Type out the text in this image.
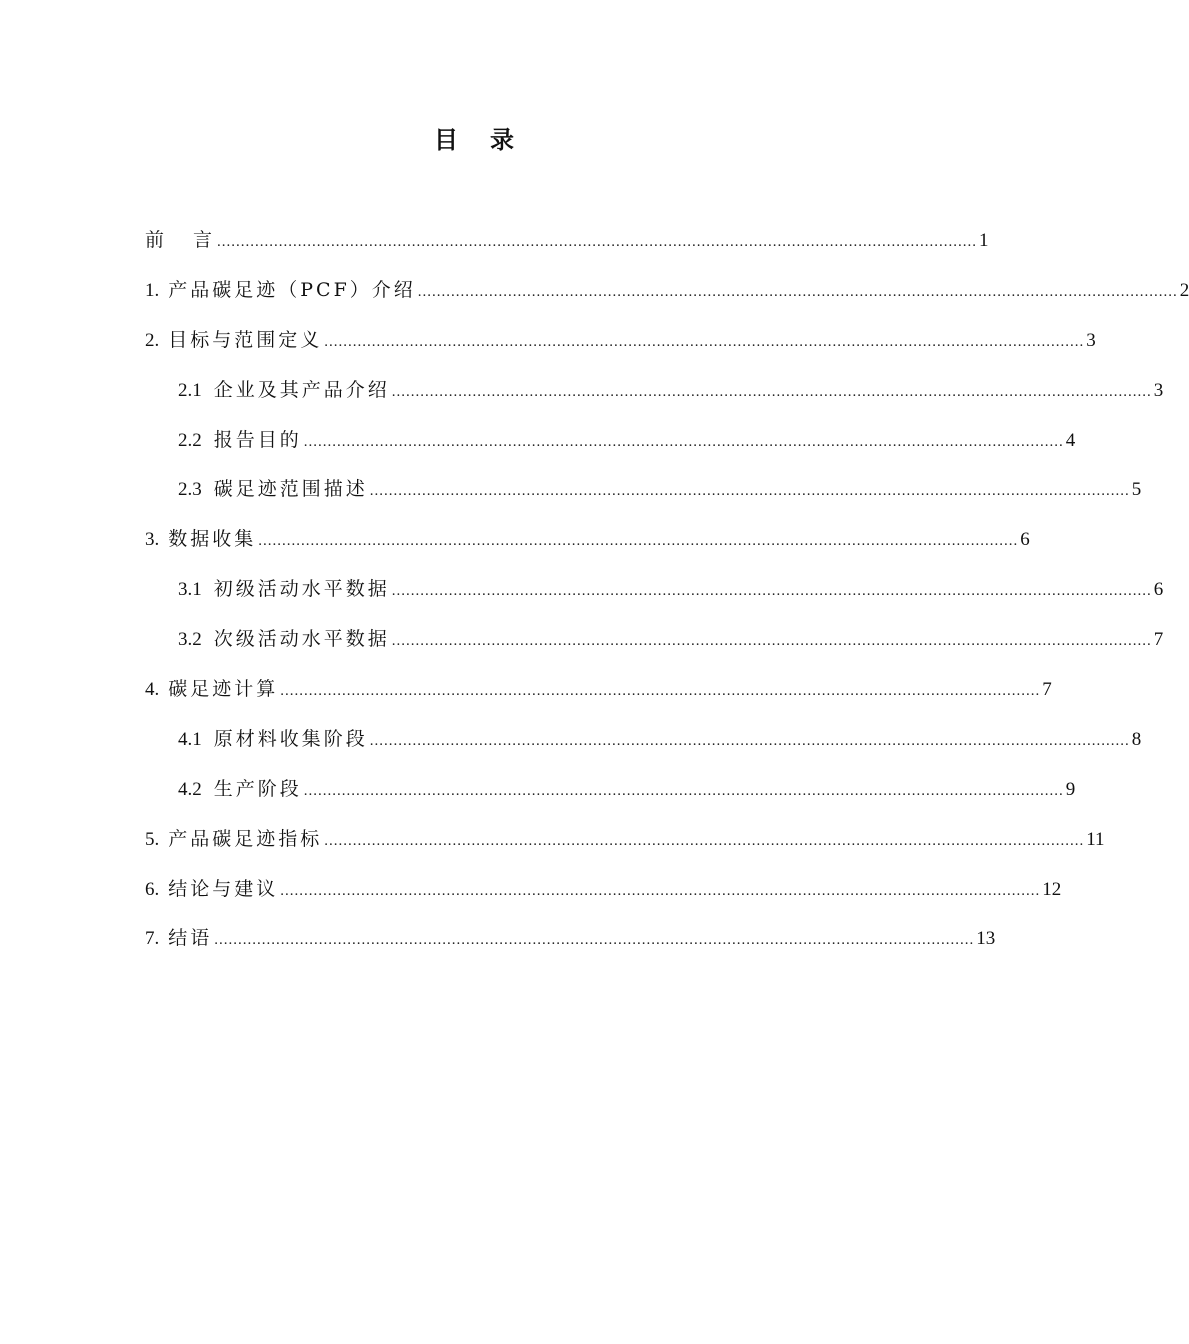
目 录
前 言 ................................................................................................................................................................ 1
1. 产品碳足迹（PCF）介绍 ................................................................................................................................................................ 2
2. 目标与范围定义 ................................................................................................................................................................ 3
2.1 企业及其产品介绍 ................................................................................................................................................................ 3
2.2 报告目的 ................................................................................................................................................................ 4
2.3 碳足迹范围描述 ................................................................................................................................................................ 5
3. 数据收集 ................................................................................................................................................................ 6
3.1 初级活动水平数据 ................................................................................................................................................................ 6
3.2 次级活动水平数据 ................................................................................................................................................................ 7
4. 碳足迹计算 ................................................................................................................................................................ 7
4.1 原材料收集阶段 ................................................................................................................................................................ 8
4.2 生产阶段 ................................................................................................................................................................ 9
5. 产品碳足迹指标 ................................................................................................................................................................ 11
6. 结论与建议 ................................................................................................................................................................ 12
7. 结语 ................................................................................................................................................................ 13
